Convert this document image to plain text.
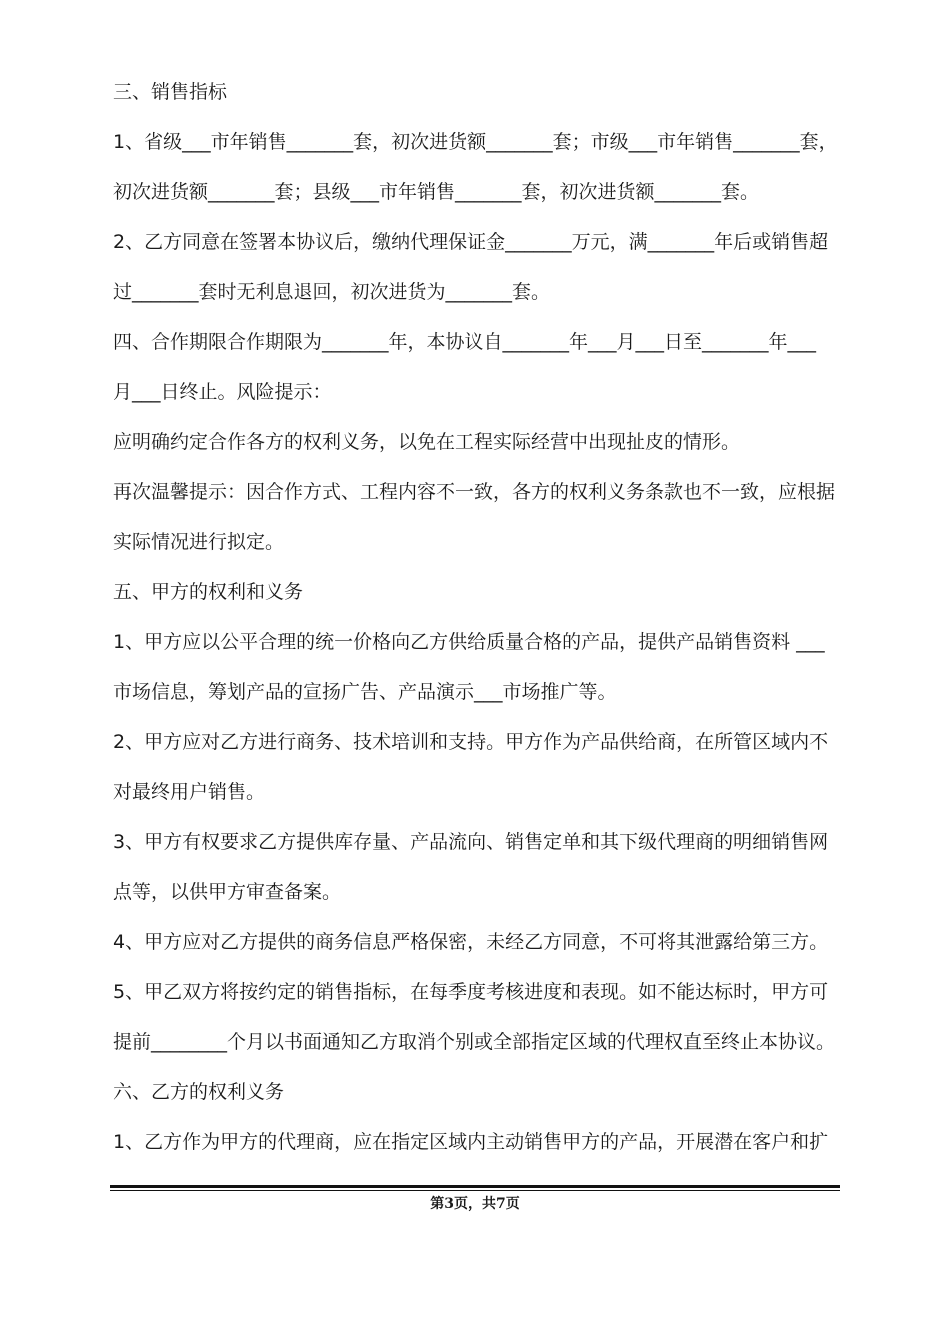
三、销售指标
1、省级___市年销售_______套，初次进货额_______套；市级___市年销售_______套，
初次进货额_______套；县级___市年销售_______套，初次进货额_______套。
2、乙方同意在签署本协议后，缴纳代理保证金_______万元，满_______年后或销售超
过_______套时无利息退回，初次进货为_______套。
四、合作期限合作期限为_______年，本协议自_______年___月___日至_______年___
月___日终止。风险提示：
应明确约定合作各方的权利义务，以免在工程实际经营中出现扯皮的情形。
再次温馨提示：因合作方式、工程内容不一致，各方的权利义务条款也不一致，应根据
实际情况进行拟定。
五、甲方的权利和义务
1、甲方应以公平合理的统一价格向乙方供给质量合格的产品，提供产品销售资料 ___
市场信息，筹划产品的宣扬广告、产品演示___市场推广等。
2、甲方应对乙方进行商务、技术培训和支持。甲方作为产品供给商，在所管区域内不
对最终用户销售。
3、甲方有权要求乙方提供库存量、产品流向、销售定单和其下级代理商的明细销售网
点等，以供甲方审查备案。
4、甲方应对乙方提供的商务信息严格保密，未经乙方同意，不可将其泄露给第三方。
5、甲乙双方将按约定的销售指标，在每季度考核进度和表现。如不能达标时，甲方可
提前________个月以书面通知乙方取消个别或全部指定区域的代理权直至终止本协议。
六、乙方的权利义务
1、乙方作为甲方的代理商，应在指定区域内主动销售甲方的产品，开展潜在客户和扩
第3页，共7页
